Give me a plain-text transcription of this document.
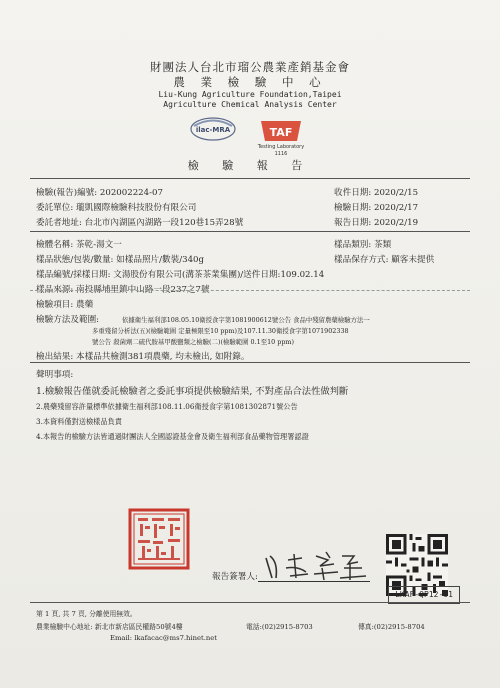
財團法人台北市瑠公農業產銷基金會
農 業 檢 驗 中 心
Liu-Kung Agriculture Foundation,Taipei
Agriculture Chemical Analysis Center
ilac-MRA	TAF
Testing Laboratory
1116
檢 驗 報 告
檢驗(報告)編號: 202002224-07	收件日期: 2020/2/15
委託單位: 瓏凱國際檢驗科技股份有限公司	檢驗日期: 2020/2/17
委託者地址: 台北市內湖區內湖路一段120巷15弄28號	報告日期: 2020/2/19
檢體名稱: 茶乾-湯文一	樣品類別: 茶類
樣品狀態/包裝/數量: 如樣品照片/數裝/340g	樣品保存方式: 顧客未提供
樣品編號/採樣日期: 文湯股份有限公司(溝茶茶業集團)/送件日期:109.02.14
樣品來源: 南投縣埔里鎮中山路一段237之7號
檢驗項目: 農藥
檢驗方法及範圍:	依據衛生福利部108.05.10衛授食字第1081900612號公告 食品中殘留農藥檢驗方法一
多重殘留分析法(五)(檢驗範圍 定量極限至10 ppm)及107.11.30衛授食字第1071902338
號公告 殺菌劑二硫代胺基甲酸鹽類之檢驗(二)(檢驗範圍 0.1至10 ppm)
檢出結果: 本樣品共檢測381項農藥, 均未檢出, 如附錄。
聲明事項:
1.檢驗報告僅就委託檢驗者之委託事項提供檢驗結果, 不對產品合法性做判斷
2.農藥殘留容許量標準依據衛生福利部108.11.06衛授食字第1081302871號公告
3.本資料僅對送檢樣品負責
4.本報告的檢驗方法皆通過財團法人全國認證基金會及衛生福利部食品藥物管理署認證
報告簽署人:
LKAF-QP12-01
第 1 頁, 共 7 頁, 分離使用無效。
農業檢驗中心地址: 新北市新店區民權路50號4樓	電話:(02)2915-8703	傳真:(02)2915-8704
Email: lkafacac@ms7.hinet.net
